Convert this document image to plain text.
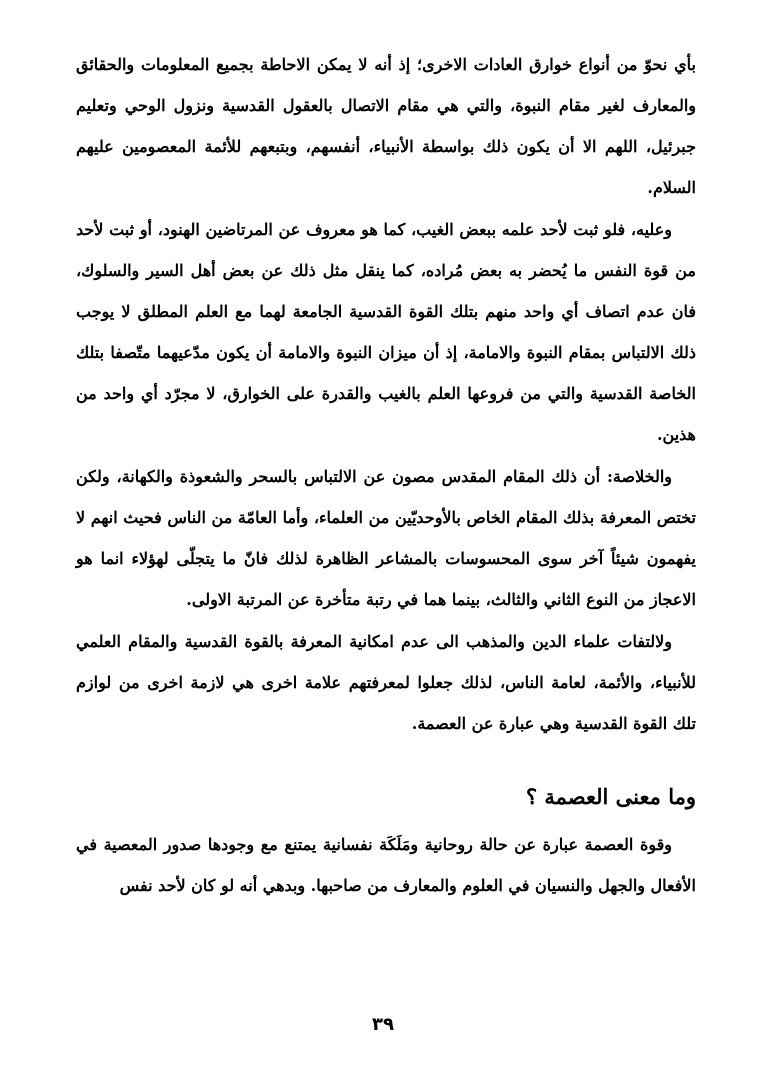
بأي نحوّ من أنواع خوارق العادات الاخرى؛ إذ أنه لا يمكن الاحاطة بجميع المعلومات والحقائق والمعارف لغير مقام النبوة، والتي هي مقام الاتصال بالعقول القدسية ونزول الوحي وتعليم جبرئيل، اللهم الا أن يكون ذلك بواسطة الأنبياء، أنفسهم، وبتبعهم للأئمة المعصومين عليهم السلام.

وعليه، فلو ثبت لأحد علمه ببعض الغيب، كما هو معروف عن المرتاضين الهنود، أو ثبت لأحد من قوة النفس ما يُحضر به بعض مُراده، كما ينقل مثل ذلك عن بعض أهل السير والسلوك، فان عدم اتصاف أي واحد منهم بتلك القوة القدسية الجامعة لهما مع العلم المطلق لا يوجب ذلك الالتباس بمقام النبوة والامامة، إذ أن ميزان النبوة والامامة أن يكون مدّعيهما متّصفا بتلك الخاصة القدسية والتي من فروعها العلم بالغيب والقدرة على الخوارق، لا مجرّد أي واحد من هذين.

والخلاصة: أن ذلك المقام المقدس مصون عن الالتباس بالسحر والشعوذة والكهانة، ولكن تختص المعرفة بذلك المقام الخاص بالأوحديّين من العلماء، وأما العامّة من الناس فحيث انهم لا يفهمون شيئاً آخر سوى المحسوسات بالمشاعر الظاهرة لذلك فانّ ما يتجلّى لهؤلاء انما هو الاعجاز من النوع الثاني والثالث، بينما هما في رتبة متأخرة عن المرتبة الاولى.

ولالتفات علماء الدين والمذهب الى عدم امكانية المعرفة بالقوة القدسية والمقام العلمي للأنبياء، والأئمة، لعامة الناس، لذلك جعلوا لمعرفتهم علامة اخرى هي لازمة اخرى من لوازم تلك القوة القدسية وهي عبارة عن العصمة.

وما معنى العصمة ؟

وقوة العصمة عبارة عن حالة روحانية ومَلَكَة نفسانية يمتنع مع وجودها صدور المعصية في الأفعال والجهل والنسيان في العلوم والمعارف من صاحبها. وبدهي أنه لو كان لأحد نفس

٣٩
